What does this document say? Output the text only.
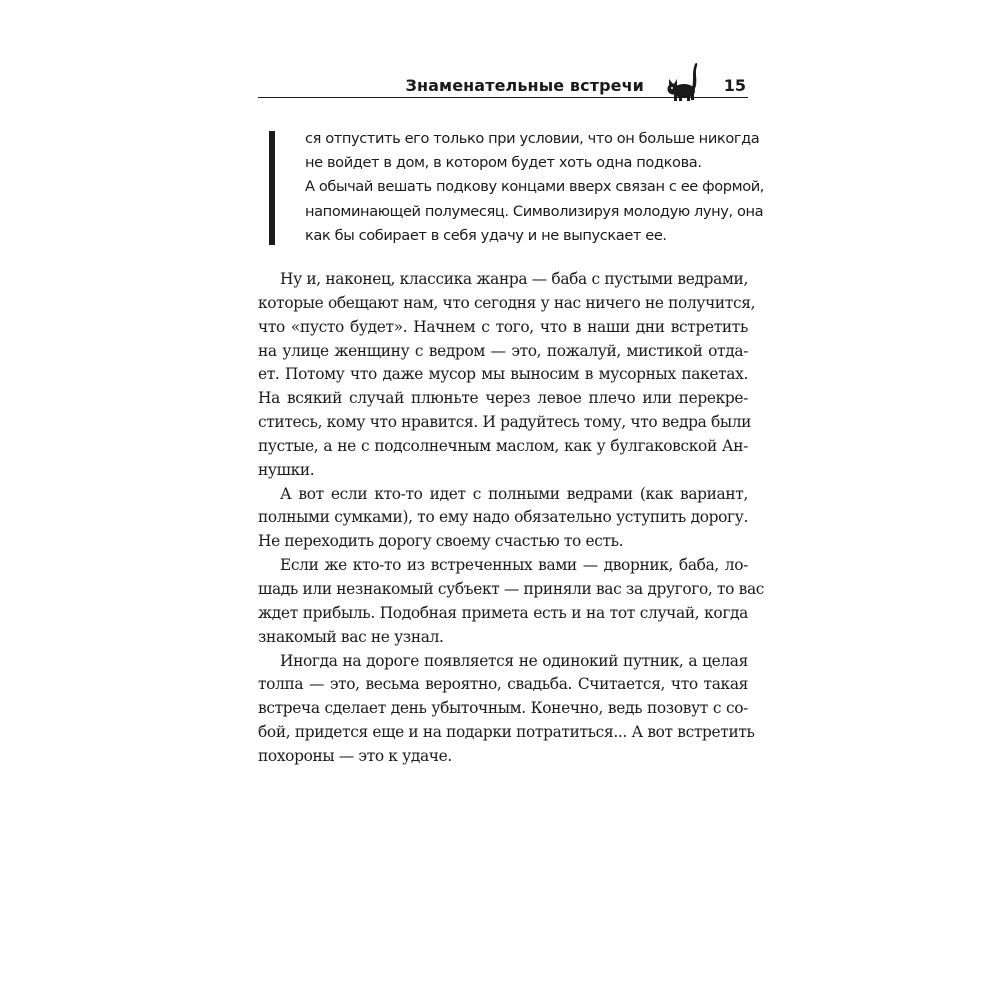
Знаменательные встречи	15
ся отпустить его только при условии, что он больше никогда
не войдет в дом, в котором будет хоть одна подкова.
А обычай вешать подкову концами вверх связан с ее формой,
напоминающей полумесяц. Символизируя молодую луну, она
как бы собирает в себя удачу и не выпускает ее.
Ну и, наконец, классика жанра — баба с пустыми ведрами,
которые обещают нам, что сегодня у нас ничего не получится,
что «пусто будет». Начнем с того, что в наши дни встретить
на улице женщину с ведром — это, пожалуй, мистикой отда-
ет. Потому что даже мусор мы выносим в мусорных пакетах.
На всякий случай плюньте через левое плечо или перекре-
ститесь, кому что нравится. И радуйтесь тому, что ведра были
пустые, а не с подсолнечным маслом, как у булгаковской Ан-
нушки.
А вот если кто-то идет с полными ведрами (как вариант,
полными сумками), то ему надо обязательно уступить дорогу.
Не переходить дорогу своему счастью то есть.
Если же кто-то из встреченных вами — дворник, баба, ло-
шадь или незнакомый субъект — приняли вас за другого, то вас
ждет прибыль. Подобная примета есть и на тот случай, когда
знакомый вас не узнал.
Иногда на дороге появляется не одинокий путник, а целая
толпа — это, весьма вероятно, свадьба. Считается, что такая
встреча сделает день убыточным. Конечно, ведь позовут с со-
бой, придется еще и на подарки потратиться... А вот встретить
похороны — это к удаче.
